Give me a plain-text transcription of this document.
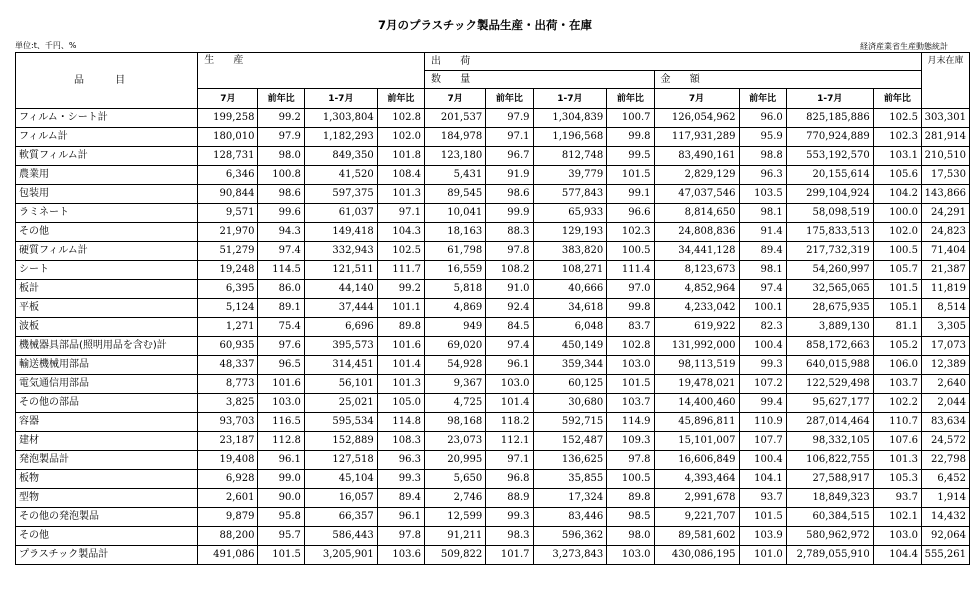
7月のプラスチック製品生産・出荷・在庫
単位:t、千円、%	経済産業省生産動態統計
品 目	生 産				出 荷								月末在庫
					数 量				金 額				
	7月	前年比	1-7月	前年比	7月	前年比	1-7月	前年比	7月	前年比	1-7月	前年比	
フィルム・シート計	199,258	99.2	1,303,804	102.8	201,537	97.9	1,304,839	100.7	126,054,962	96.0	825,185,886	102.5	303,301
フィルム計	180,010	97.9	1,182,293	102.0	184,978	97.1	1,196,568	99.8	117,931,289	95.9	770,924,889	102.3	281,914
軟質フィルム計	128,731	98.0	849,350	101.8	123,180	96.7	812,748	99.5	83,490,161	98.8	553,192,570	103.1	210,510
農業用	6,346	100.8	41,520	108.4	5,431	91.9	39,779	101.5	2,829,129	96.3	20,155,614	105.6	17,530
包装用	90,844	98.6	597,375	101.3	89,545	98.6	577,843	99.1	47,037,546	103.5	299,104,924	104.2	143,866
ラミネート	9,571	99.6	61,037	97.1	10,041	99.9	65,933	96.6	8,814,650	98.1	58,098,519	100.0	24,291
その他	21,970	94.3	149,418	104.3	18,163	88.3	129,193	102.3	24,808,836	91.4	175,833,513	102.0	24,823
硬質フィルム計	51,279	97.4	332,943	102.5	61,798	97.8	383,820	100.5	34,441,128	89.4	217,732,319	100.5	71,404
シート	19,248	114.5	121,511	111.7	16,559	108.2	108,271	111.4	8,123,673	98.1	54,260,997	105.7	21,387
板計	6,395	86.0	44,140	99.2	5,818	91.0	40,666	97.0	4,852,964	97.4	32,565,065	101.5	11,819
平板	5,124	89.1	37,444	101.1	4,869	92.4	34,618	99.8	4,233,042	100.1	28,675,935	105.1	8,514
波板	1,271	75.4	6,696	89.8	949	84.5	6,048	83.7	619,922	82.3	3,889,130	81.1	3,305
機械器具部品(照明用品を含む)計	60,935	97.6	395,573	101.6	69,020	97.4	450,149	102.8	131,992,000	100.4	858,172,663	105.2	17,073
輸送機械用部品	48,337	96.5	314,451	101.4	54,928	96.1	359,344	103.0	98,113,519	99.3	640,015,988	106.0	12,389
電気通信用部品	8,773	101.6	56,101	101.3	9,367	103.0	60,125	101.5	19,478,021	107.2	122,529,498	103.7	2,640
その他の部品	3,825	103.0	25,021	105.0	4,725	101.4	30,680	103.7	14,400,460	99.4	95,627,177	102.2	2,044
容器	93,703	116.5	595,534	114.8	98,168	118.2	592,715	114.9	45,896,811	110.9	287,014,464	110.7	83,634
建材	23,187	112.8	152,889	108.3	23,073	112.1	152,487	109.3	15,101,007	107.7	98,332,105	107.6	24,572
発泡製品計	19,408	96.1	127,518	96.3	20,995	97.1	136,625	97.8	16,606,849	100.4	106,822,755	101.3	22,798
板物	6,928	99.0	45,104	99.3	5,650	96.8	35,855	100.5	4,393,464	104.1	27,588,917	105.3	6,452
型物	2,601	90.0	16,057	89.4	2,746	88.9	17,324	89.8	2,991,678	93.7	18,849,323	93.7	1,914
その他の発泡製品	9,879	95.8	66,357	96.1	12,599	99.3	83,446	98.5	9,221,707	101.5	60,384,515	102.1	14,432
その他	88,200	95.7	586,443	97.8	91,211	98.3	596,362	98.0	89,581,602	103.9	580,962,972	103.0	92,064
プラスチック製品計	491,086	101.5	3,205,901	103.6	509,822	101.7	3,273,843	103.0	430,086,195	101.0	2,789,055,910	104.4	555,261
